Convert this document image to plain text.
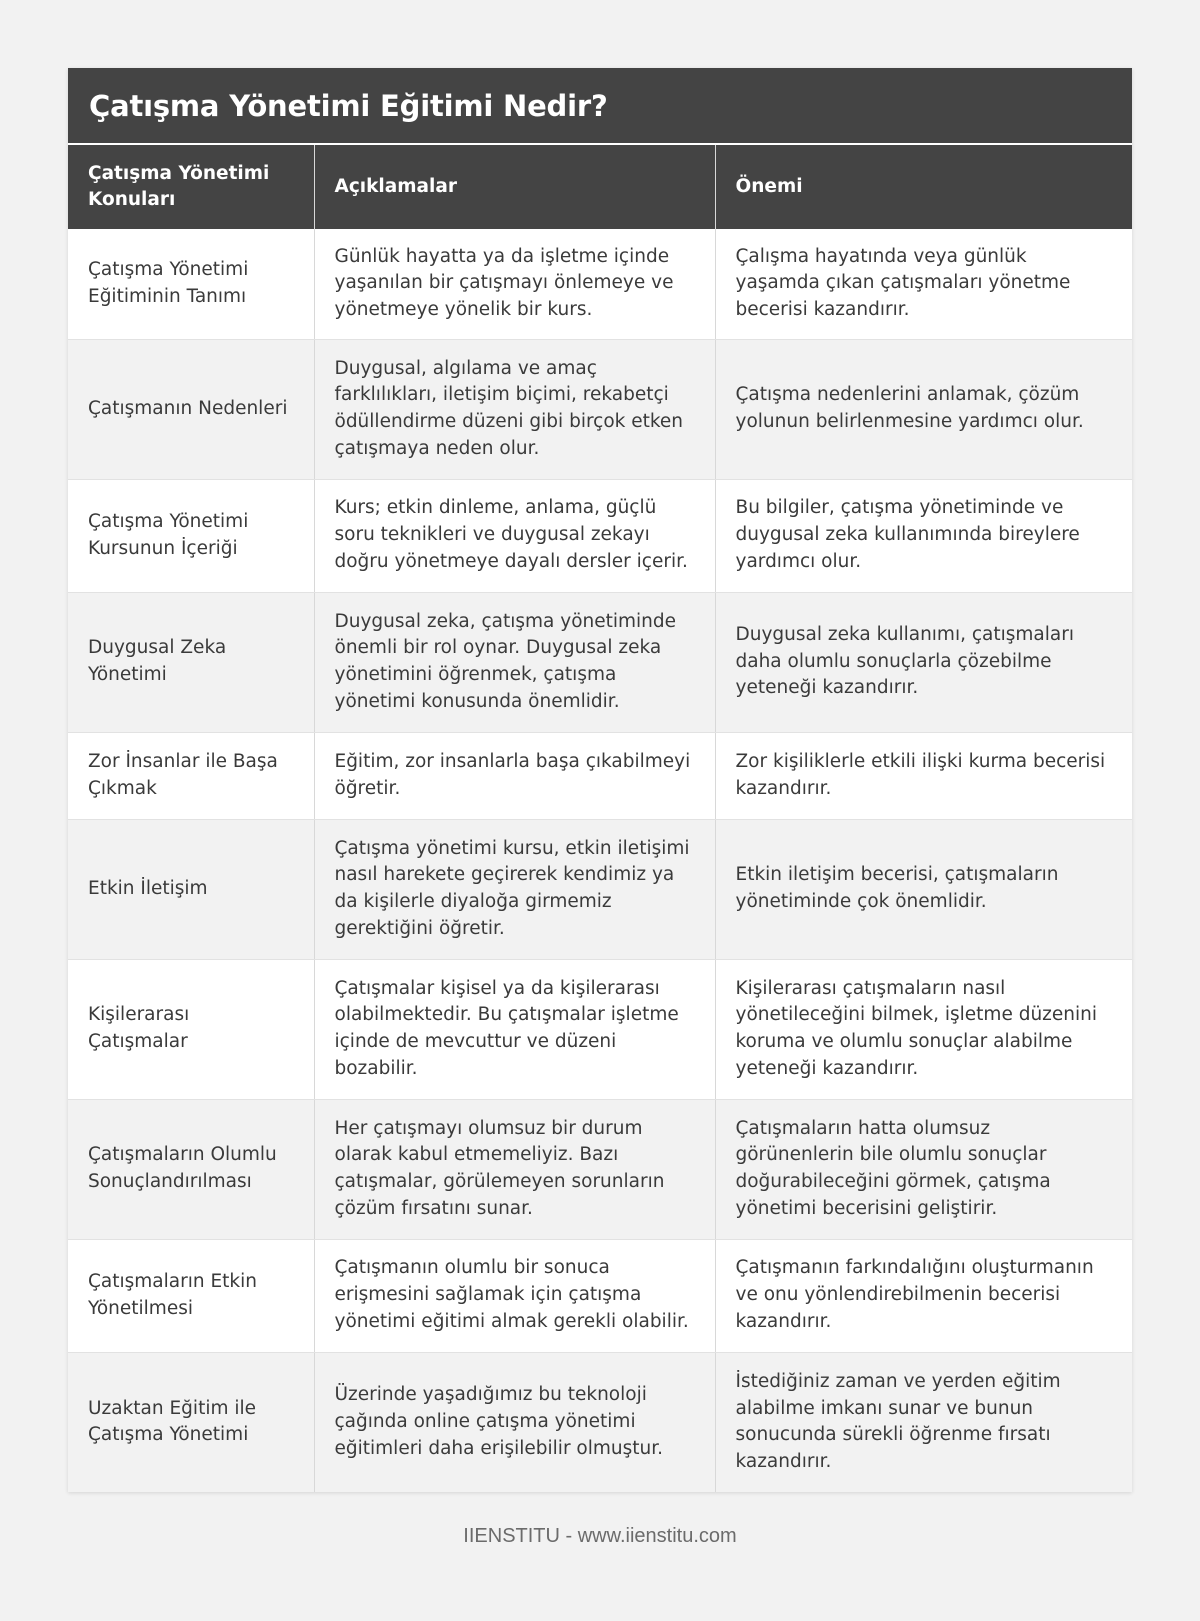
Çatışma Yönetimi Eğitimi Nedir?
Çatışma Yönetimi Konuları	Açıklamalar	Önemi
Çatışma Yönetimi Eğitiminin Tanımı	Günlük hayatta ya da işletme içinde yaşanılan bir çatışmayı önlemeye ve yönetmeye yönelik bir kurs.	Çalışma hayatında veya günlük yaşamda çıkan çatışmaları yönetme becerisi kazandırır.
Çatışmanın Nedenleri	Duygusal, algılama ve amaç farklılıkları, iletişim biçimi, rekabetçi ödüllendirme düzeni gibi birçok etken çatışmaya neden olur.	Çatışma nedenlerini anlamak, çözüm yolunun belirlenmesine yardımcı olur.
Çatışma Yönetimi Kursunun İçeriği	Kurs; etkin dinleme, anlama, güçlü soru teknikleri ve duygusal zekayı doğru yönetmeye dayalı dersler içerir.	Bu bilgiler, çatışma yönetiminde ve duygusal zeka kullanımında bireylere yardımcı olur.
Duygusal Zeka Yönetimi	Duygusal zeka, çatışma yönetiminde önemli bir rol oynar. Duygusal zeka yönetimini öğrenmek, çatışma yönetimi konusunda önemlidir.	Duygusal zeka kullanımı, çatışmaları daha olumlu sonuçlarla çözebilme yeteneği kazandırır.
Zor İnsanlar ile Başa Çıkmak	Eğitim, zor insanlarla başa çıkabilmeyi öğretir.	Zor kişiliklerle etkili ilişki kurma becerisi kazandırır.
Etkin İletişim	Çatışma yönetimi kursu, etkin iletişimi nasıl harekete geçirerek kendimiz ya da kişilerle diyaloğa girmemiz gerektiğini öğretir.	Etkin iletişim becerisi, çatışmaların yönetiminde çok önemlidir.
Kişilerarası Çatışmalar	Çatışmalar kişisel ya da kişilerarası olabilmektedir. Bu çatışmalar işletme içinde de mevcuttur ve düzeni bozabilir.	Kişilerarası çatışmaların nasıl yönetileceğini bilmek, işletme düzenini koruma ve olumlu sonuçlar alabilme yeteneği kazandırır.
Çatışmaların Olumlu Sonuçlandırılması	Her çatışmayı olumsuz bir durum olarak kabul etmemeliyiz. Bazı çatışmalar, görülemeyen sorunların çözüm fırsatını sunar.	Çatışmaların hatta olumsuz görünenlerin bile olumlu sonuçlar doğurabileceğini görmek, çatışma yönetimi becerisini geliştirir.
Çatışmaların Etkin Yönetilmesi	Çatışmanın olumlu bir sonuca erişmesini sağlamak için çatışma yönetimi eğitimi almak gerekli olabilir.	Çatışmanın farkındalığını oluşturmanın ve onu yönlendirebilmenin becerisi kazandırır.
Uzaktan Eğitim ile Çatışma Yönetimi	Üzerinde yaşadığımız bu teknoloji çağında online çatışma yönetimi eğitimleri daha erişilebilir olmuştur.	İstediğiniz zaman ve yerden eğitim alabilme imkanı sunar ve bunun sonucunda sürekli öğrenme fırsatı kazandırır.
IIENSTITU - www.iienstitu.com
